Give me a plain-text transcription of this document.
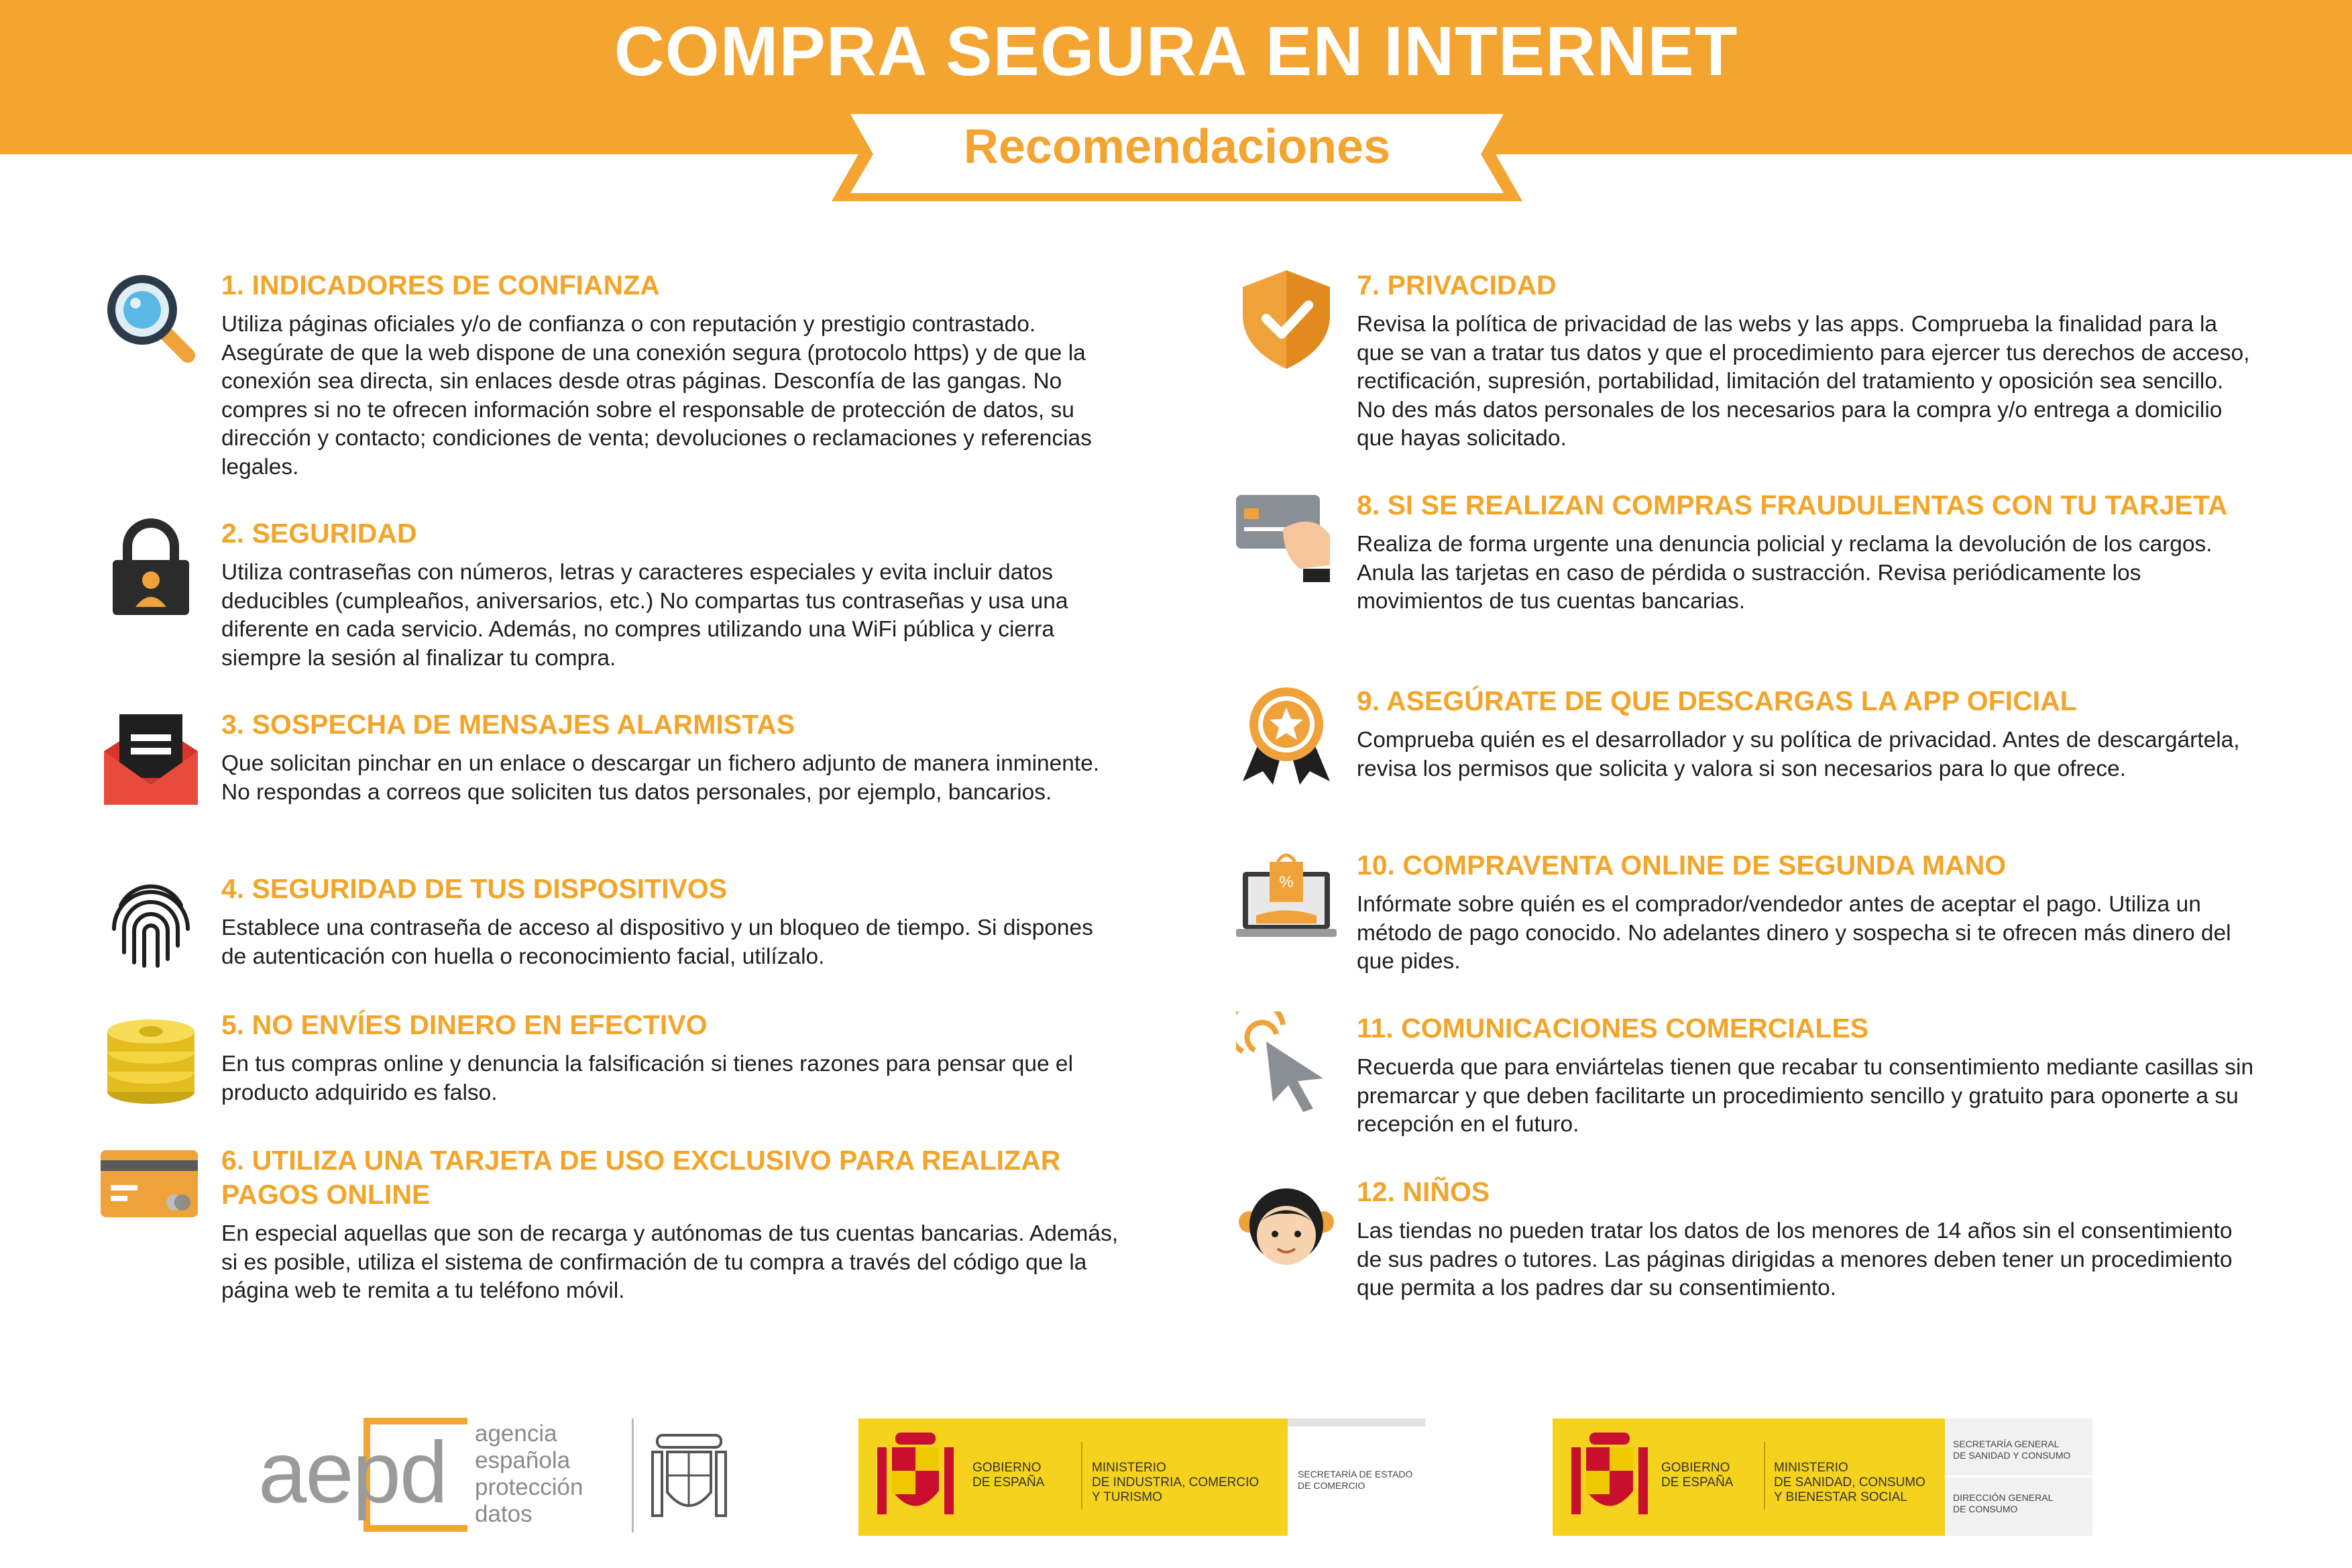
COMPRA SEGURA EN INTERNET
Recomendaciones
1. INDICADORES DE CONFIANZA

Utiliza páginas oficiales y/o de confianza o con reputación y prestigio contrastado. Asegúrate de que la web dispone de una conexión segura (protocolo https) y de que la conexión sea directa, sin enlaces desde otras páginas. Desconfía de las gangas. No compres si no te ofrecen información sobre el responsable de protección de datos, su dirección y contacto; condiciones de venta; devoluciones o reclamaciones y referencias legales.

2. SEGURIDAD

Utiliza contraseñas con números, letras y caracteres especiales y evita incluir datos deducibles (cumpleaños, aniversarios, etc.) No compartas tus contraseñas y usa una diferente en cada servicio. Además, no compres utilizando una WiFi pública y cierra siempre la sesión al finalizar tu compra.

3. SOSPECHA DE MENSAJES ALARMISTAS

Que solicitan pinchar en un enlace o descargar un fichero adjunto de manera inminente. No respondas a correos que soliciten tus datos personales, por ejemplo, bancarios.

4. SEGURIDAD DE TUS DISPOSITIVOS

Establece una contraseña de acceso al dispositivo y un bloqueo de tiempo. Si dispones de autenticación con huella o reconocimiento facial, utilízalo.

5. NO ENVÍES DINERO EN EFECTIVO

En tus compras online y denuncia la falsificación si tienes razones para pensar que el producto adquirido es falso.

6. UTILIZA UNA TARJETA DE USO EXCLUSIVO PARA REALIZAR PAGOS ONLINE

En especial aquellas que son de recarga y autónomas de tus cuentas bancarias. Además, si es posible, utiliza el sistema de confirmación de tu compra a través del código que la página web te remita a tu teléfono móvil.

7. PRIVACIDAD

Revisa la política de privacidad de las webs y las apps. Comprueba la finalidad para la que se van a tratar tus datos y que el procedimiento para ejercer tus derechos de acceso, rectificación, supresión, portabilidad, limitación del tratamiento y oposición sea sencillo. No des más datos personales de los necesarios para la compra y/o entrega a domicilio que hayas solicitado.

8. SI SE REALIZAN COMPRAS FRAUDULENTAS CON TU TARJETA

Realiza de forma urgente una denuncia policial y reclama la devolución de los cargos. Anula las tarjetas en caso de pérdida o sustracción. Revisa periódicamente los movimientos de tus cuentas bancarias.

9. ASEGÚRATE DE QUE DESCARGAS LA APP OFICIAL

Comprueba quién es el desarrollador y su política de privacidad. Antes de descargártela, revisa los permisos que solicita y valora si son necesarios para lo que ofrece.

%
10. COMPRAVENTA ONLINE DE SEGUNDA MANO

Infórmate sobre quién es el comprador/vendedor antes de aceptar el pago. Utiliza un método de pago conocido. No adelantes dinero y sospecha si te ofrecen más dinero del que pides.

11. COMUNICACIONES COMERCIALES

Recuerda que para enviártelas tienen que recabar tu consentimiento mediante casillas sin premarcar y que deben facilitarte un procedimiento sencillo y gratuito para oponerte a su recepción en el futuro.

12. NIÑOS

Las tiendas no pueden tratar los datos de los menores de 14 años sin el consentimiento de sus padres o tutores. Las páginas dirigidas a menores deben tener un procedimiento que permita a los padres dar su consentimiento.

aepd agencia
española
protección
datos
GOBIERNO
DE ESPAÑA
MINISTERIO
DE INDUSTRIA, COMERCIO
Y TURISMO
SECRETARÍA DE ESTADO
DE COMERCIO
GOBIERNO
DE ESPAÑA
MINISTERIO
DE SANIDAD, CONSUMO
Y BIENESTAR SOCIAL
SECRETARÍA GENERAL
DE SANIDAD Y CONSUMO
DIRECCIÓN GENERAL
DE CONSUMO
